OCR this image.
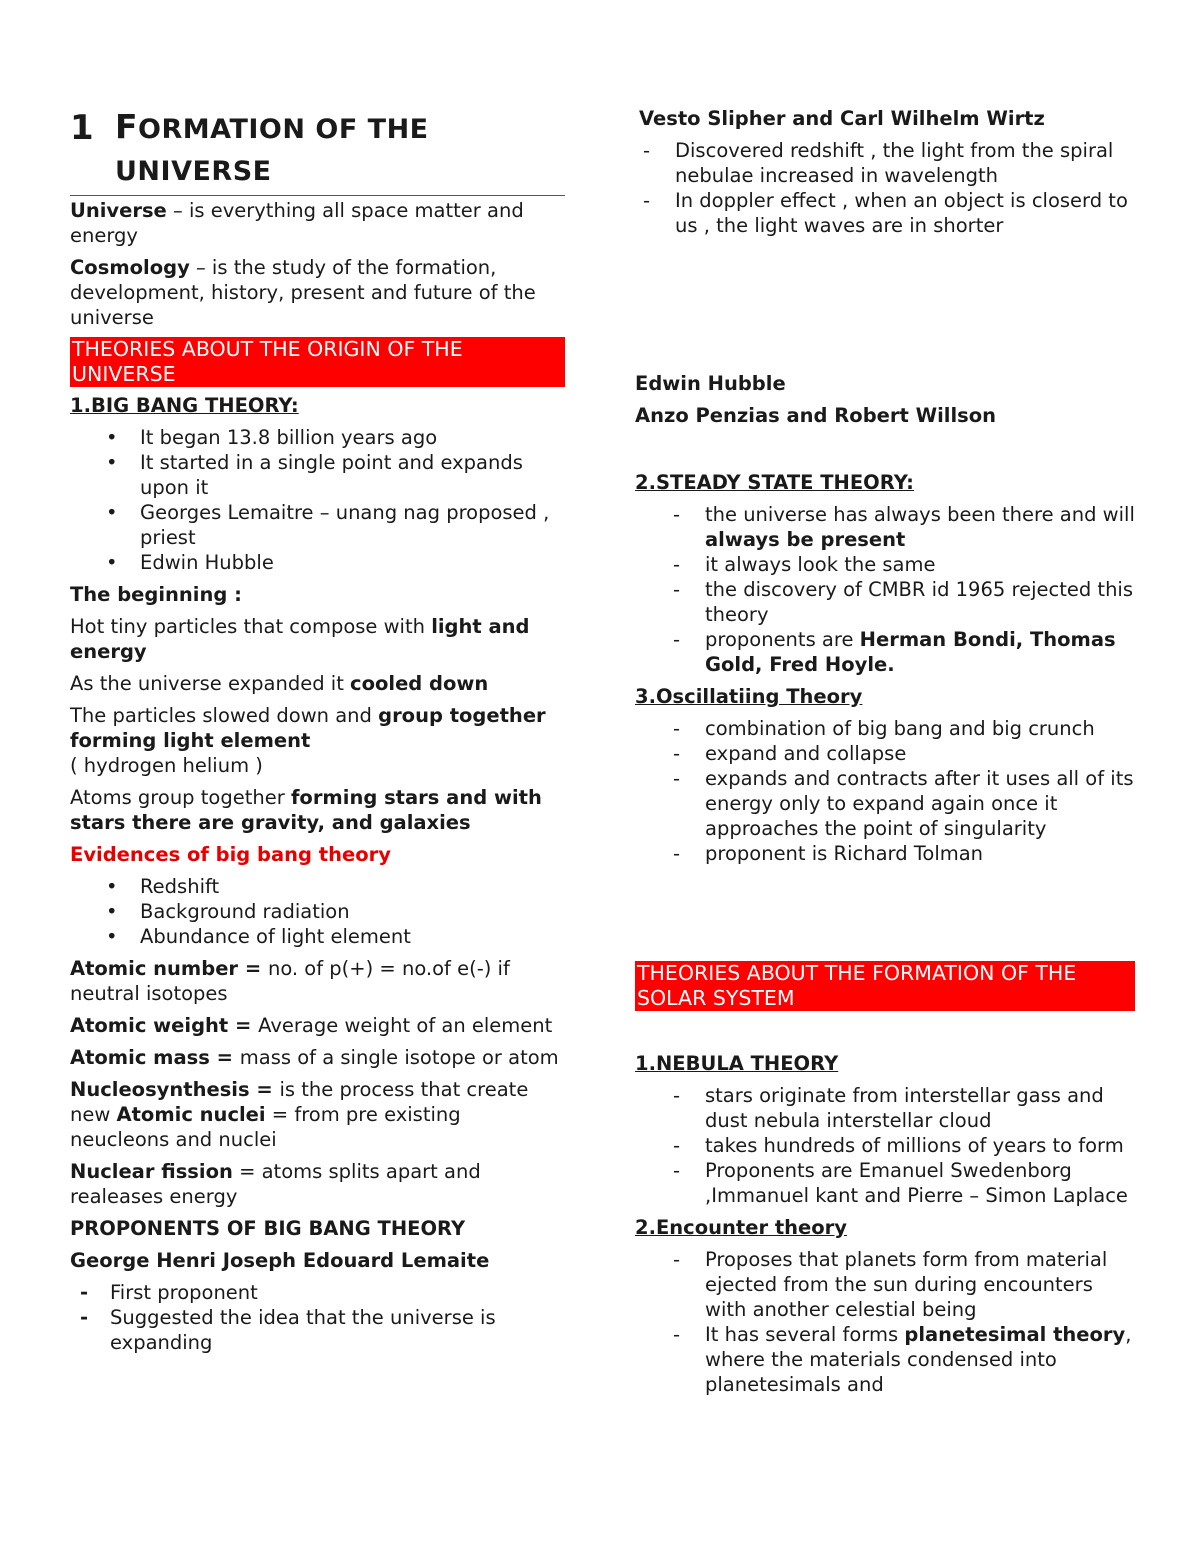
1 FORMATION OF THE
UNIVERSE

Universe – is everything all space matter and energy

Cosmology – is the study of the formation, development, history, present and future of the universe

THEORIES ABOUT THE ORIGIN OF THE UNIVERSE

1.BIG BANG THEORY:

• It began 13.8 billion years ago
• It started in a single point and expands upon it
• Georges Lemaitre – unang nag proposed , priest
• Edwin Hubble

The beginning :

Hot tiny particles that compose with light and energy

As the universe expanded it cooled down

The particles slowed down and group together forming light element
( hydrogen helium )

Atoms group together forming stars and with stars there are gravity, and galaxies

Evidences of big bang theory

• Redshift
• Background radiation
• Abundance of light element

Atomic number = no. of p(+) = no.of e(-) if neutral isotopes

Atomic weight = Average weight of an element

Atomic mass = mass of a single isotope or atom

Nucleosynthesis = is the process that create new Atomic nuclei = from pre existing neucleons and nuclei

Nuclear fission = atoms splits apart and realeases energy

PROPONENTS OF BIG BANG THEORY

George Henri Joseph Edouard Lemaite

- First proponent
- Suggested the idea that the universe is expanding

Vesto Slipher and Carl Wilhelm Wirtz

- Discovered redshift , the light from the spiral nebulae increased in wavelength
- In doppler effect , when an object is closerd to us , the light waves are in shorter

Edwin Hubble

Anzo Penzias and Robert Willson

2.STEADY STATE THEORY:

- the universe has always been there and will always be present
- it always look the same
- the discovery of CMBR id 1965 rejected this theory
- proponents are Herman Bondi, Thomas Gold, Fred Hoyle.

3.Oscillatiing Theory

- combination of big bang and big crunch
- expand and collapse
- expands and contracts after it uses all of its energy only to expand again once it approaches the point of singularity
- proponent is Richard Tolman
THEORIES ABOUT THE FORMATION OF THE SOLAR SYSTEM

1.NEBULA THEORY

- stars originate from interstellar gass and dust nebula interstellar cloud
- takes hundreds of millions of years to form
- Proponents are Emanuel Swedenborg ,Immanuel kant and Pierre – Simon Laplace

2.Encounter theory

- Proposes that planets form from material ejected from the sun during encounters with another celestial being
- It has several forms planetesimal theory, where the materials condensed into planetesimals and
